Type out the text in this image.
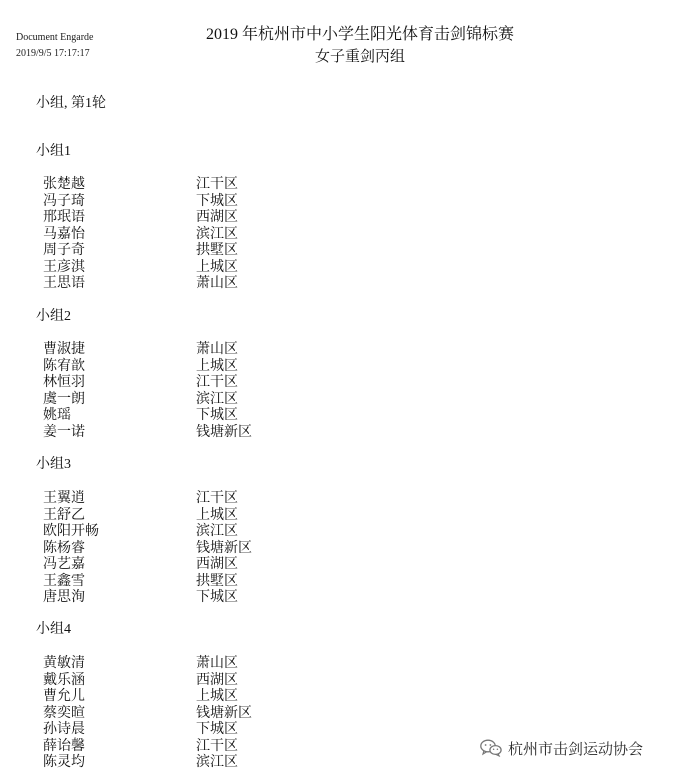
Document Engarde
2019/9/5 17:17:17
2019 年杭州市中小学生阳光体育击剑锦标赛
女子重剑丙组
小组, 第1轮
小组1
张楚越	江干区
冯子琦	下城区
邢珉语	西湖区
马嘉怡	滨江区
周子奇	拱墅区
王彦淇	上城区
王思语	萧山区
小组2
曹淑捷	萧山区
陈宥歆	上城区
林恒羽	江干区
虞一朗	滨江区
姚瑶	下城区
姜一诺	钱塘新区
小组3
王翼逍	江干区
王舒乙	上城区
欧阳开畅	滨江区
陈杨睿	钱塘新区
冯艺嘉	西湖区
王鑫雪	拱墅区
唐思洵	下城区
小组4
黄敏清	萧山区
戴乐涵	西湖区
曹允儿	上城区
蔡奕暄	钱塘新区
孙诗晨	下城区
薛诒馨	江干区
陈灵均	滨江区
杭州市击剑运动协会
